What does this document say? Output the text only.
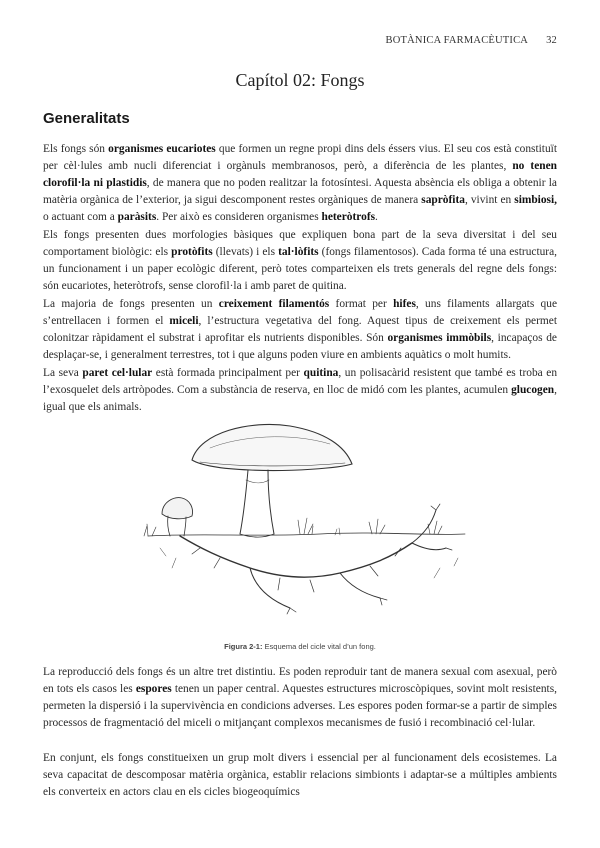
BOTÀNICA FARMACÈUTICA 32
Capítol 02: Fongs
Generalitats

Els fongs són organismes eucariotes que formen un regne propi dins dels éssers vius. El seu cos està constituït per cèl·lules amb nucli diferenciat i orgànuls membranosos, però, a diferència de les plantes, no tenen clorofil·la ni plastidis, de manera que no poden realitzar la fotosíntesi. Aquesta absència els obliga a obtenir la matèria orgànica de l’exterior, ja sigui descomponent restes orgàniques de manera sapròfita, vivint en simbiosi, o actuant com a paràsits. Per això es consideren organismes heteròtrofs.

Els fongs presenten dues morfologies bàsiques que expliquen bona part de la seva diversitat i del seu comportament biològic: els protòfits (llevats) i els tal·lòfits (fongs filamentosos). Cada forma té una estructura, un funcionament i un paper ecològic diferent, però totes comparteixen els trets generals del regne dels fongs: són eucariotes, heteròtrofs, sense clorofil·la i amb paret de quitina.

La majoria de fongs presenten un creixement filamentós format per hifes, uns filaments allargats que s’entrellacen i formen el miceli, l’estructura vegetativa del fong. Aquest tipus de creixement els permet colonitzar ràpidament el substrat i aprofitar els nutrients disponibles. Són organismes immòbils, incapaços de desplaçar-se, i generalment terrestres, tot i que alguns poden viure en ambients aquàtics o molt humits.

La seva paret cel·lular està formada principalment per quitina, un polisacàrid resistent que també es troba en l’exosquelet dels artròpodes. Com a substància de reserva, en lloc de midó com les plantes, acumulen glucogen, igual que els animals.

Figura 2-1: Esquema del cicle vital d’un fong.

La reproducció dels fongs és un altre tret distintiu. Es poden reproduir tant de manera sexual com asexual, però en tots els casos les espores tenen un paper central. Aquestes estructures microscòpiques, sovint molt resistents, permeten la dispersió i la supervivència en condicions adverses. Les espores poden formar-se a partir de simples processos de fragmentació del miceli o mitjançant complexos mecanismes de fusió i recombinació cel·lular.

En conjunt, els fongs constitueixen un grup molt divers i essencial per al funcionament dels ecosistemes. La seva capacitat de descomposar matèria orgànica, establir relacions simbionts i adaptar-se a múltiples ambients els converteix en actors clau en els cicles biogeoquímics
